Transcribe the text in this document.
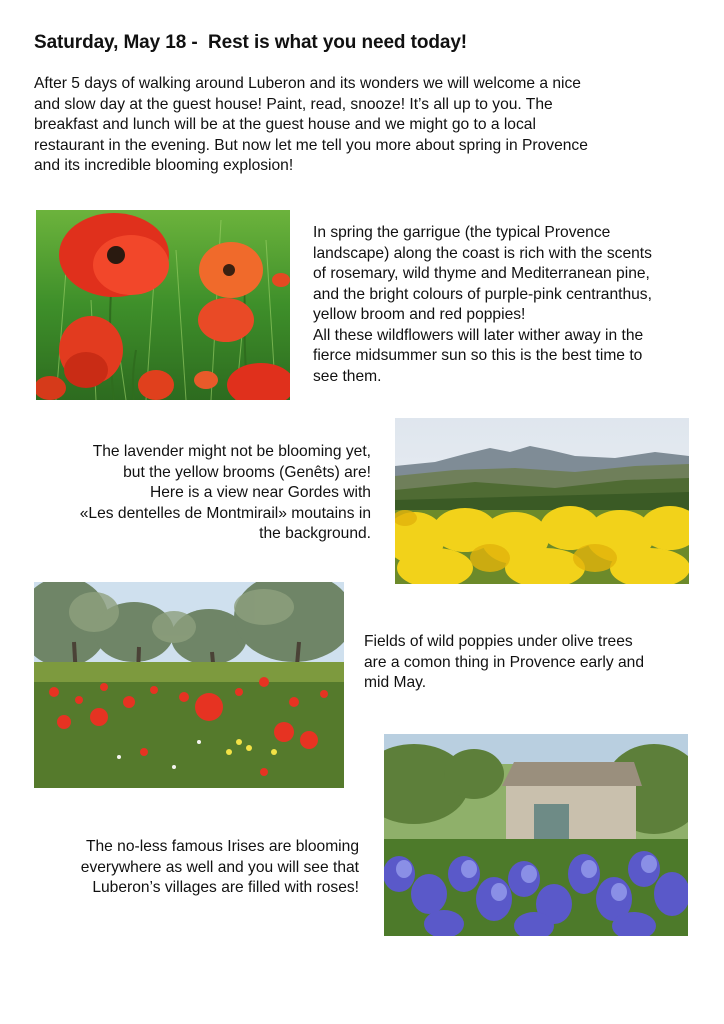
Saturday, May 18 -  Rest is what you need today!
After 5 days of walking around Luberon and its wonders we will welcome a nice
and slow day at the guest house! Paint, read, snooze! It’s all up to you. The
breakfast and lunch will be at the guest house and we might go to a local
restaurant in the evening. But now let me tell you more about spring in Provence
and its incredible blooming explosion!
In spring the garrigue (the typical Provence
landscape) along the coast is rich with the scents
of rosemary, wild thyme and Mediterranean pine,
and the bright colours of purple-pink centranthus,
yellow broom and red poppies!
All these wildflowers will later wither away in the
fierce midsummer sun so this is the best time to
see them.
The lavender might not be blooming yet,
but the yellow brooms (Genêts) are!
Here is a view near Gordes with
«Les dentelles de Montmirail» moutains in
the background.
Fields of wild poppies under olive trees
are a comon thing in Provence early and
mid May.
The no-less famous Irises are blooming
everywhere as well and you will see that
Luberon’s villages are filled with roses!
